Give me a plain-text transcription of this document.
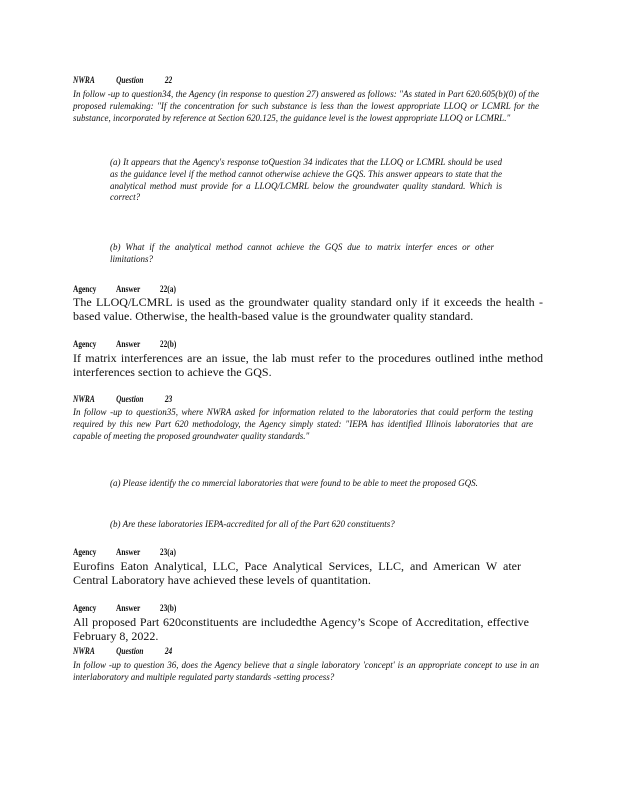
NWRA Question 22
In follow -up to question34, the Agency (in response to question 27) answered as follows: "As stated in Part 620.605(b)(0) of the proposed rulemaking: "If the concentration for such substance is less than the lowest appropriate LLOQ or LCMRL for the substance, incorporated by reference at Section 620.125, the guidance level is the lowest appropriate LLOQ or LCMRL."
(a) It appears that the Agency's response toQuestion 34 indicates that the LLOQ or LCMRL should be used as the guidance level if the method cannot otherwise achieve the GQS. This answer appears to state that the analytical method must provide for a LLOQ/LCMRL below the groundwater quality standard. Which is correct?
(b) What if the analytical method cannot achieve the GQS due to matrix interfer ences or other limitations?
Agency Answer 22(a)
The LLOQ/LCMRL is used as the groundwater quality standard only if it exceeds the health -based value. Otherwise, the health-based value is the groundwater quality standard.
Agency Answer 22(b)
If matrix interferences are an issue, the lab must refer to the procedures outlined inthe method interferences section to achieve the GQS.
NWRA Question 23
In follow -up to question35, where NWRA asked for information related to the laboratories that could perform the testing required by this new Part 620 methodology, the Agency simply stated: "IEPA has identified Illinois laboratories that are capable of meeting the proposed groundwater quality standards."
(a) Please identify the co mmercial laboratories that were found to be able to meet the proposed GQS.
(b) Are these laboratories IEPA-accredited for all of the Part 620 constituents?
Agency Answer 23(a)
Eurofins Eaton Analytical, LLC, Pace Analytical Services, LLC, and American W ater Central Laboratory have achieved these levels of quantitation.
Agency Answer 23(b)
All proposed Part 620constituents are includedthe Agency’s Scope of Accreditation, effective February 8, 2022.
NWRA Question 24
In follow -up to question 36, does the Agency believe that a single laboratory 'concept' is an appropriate concept to use in an interlaboratory and multiple regulated party standards -setting process?
